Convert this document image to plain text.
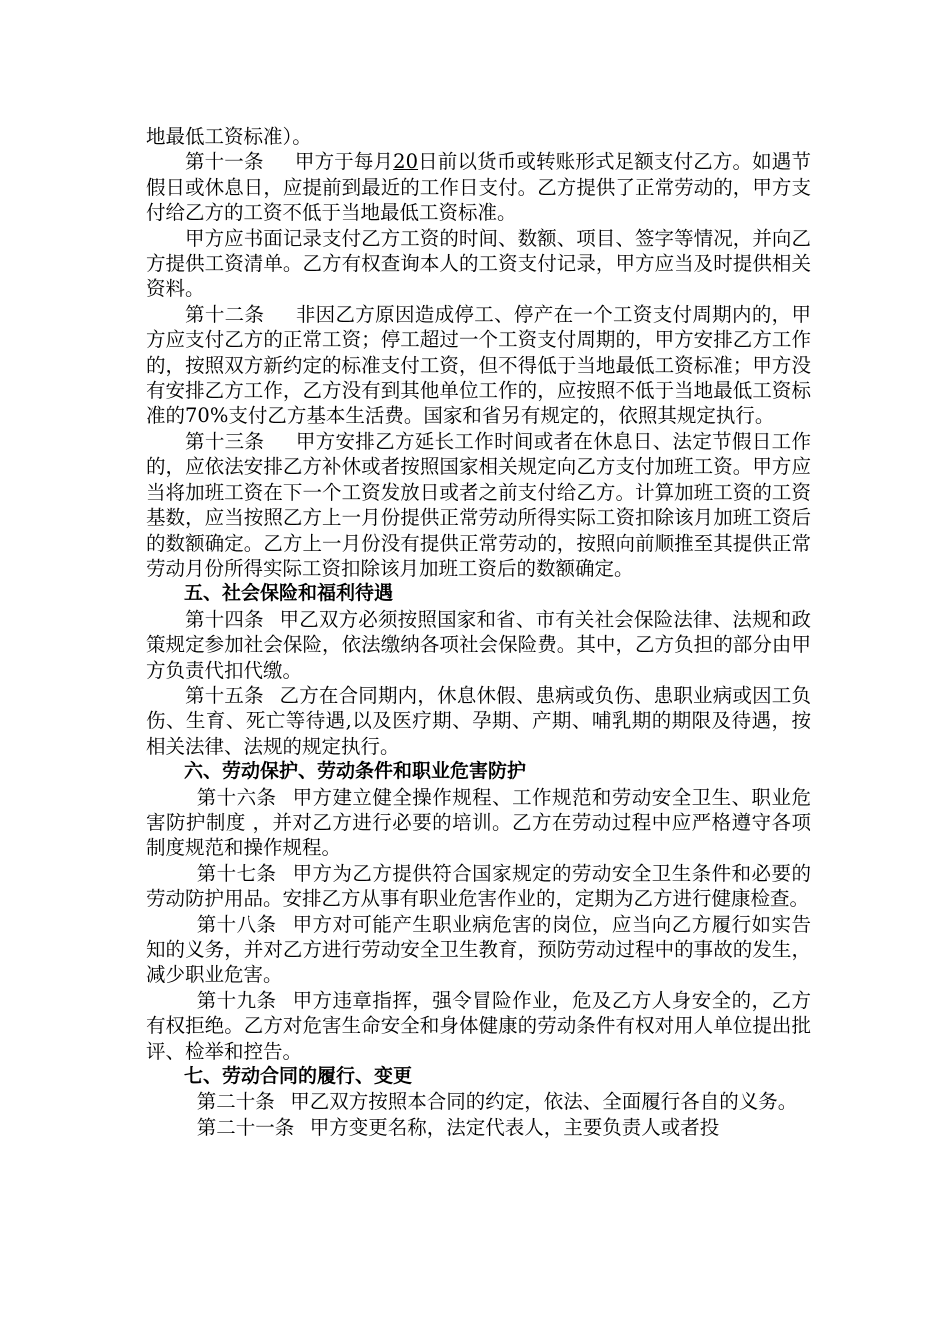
地最低工资标准）。

第十一条 甲方于每月20日前以货币或转账形式足额支付乙方。如遇节假日或休息日，应提前到最近的工作日支付。乙方提供了正常劳动的，甲方支付给乙方的工资不低于当地最低工资标准。

甲方应书面记录支付乙方工资的时间、数额、项目、签字等情况，并向乙方提供工资清单。乙方有权查询本人的工资支付记录，甲方应当及时提供相关资料。

第十二条 非因乙方原因造成停工、停产在一个工资支付周期内的，甲方应支付乙方的正常工资；停工超过一个工资支付周期的，甲方安排乙方工作的，按照双方新约定的标准支付工资，但不得低于当地最低工资标准；甲方没有安排乙方工作，乙方没有到其他单位工作的，应按照不低于当地最低工资标准的70%支付乙方基本生活费。国家和省另有规定的，依照其规定执行。

第十三条 甲方安排乙方延长工作时间或者在休息日、法定节假日工作的，应依法安排乙方补休或者按照国家相关规定向乙方支付加班工资。甲方应当将加班工资在下一个工资发放日或者之前支付给乙方。计算加班工资的工资基数，应当按照乙方上一月份提供正常劳动所得实际工资扣除该月加班工资后的数额确定。乙方上一月份没有提供正常劳动的，按照向前顺推至其提供正常劳动月份所得实际工资扣除该月加班工资后的数额确定。

五、社会保险和福利待遇

第十四条 甲乙双方必须按照国家和省、市有关社会保险法律、法规和政策规定参加社会保险，依法缴纳各项社会保险费。其中，乙方负担的部分由甲方负责代扣代缴。

第十五条 乙方在合同期内，休息休假、患病或负伤、患职业病或因工负伤、生育、死亡等待遇,以及医疗期、孕期、产期、哺乳期的期限及待遇，按相关法律、法规的规定执行。

六、劳动保护、劳动条件和职业危害防护

第十六条 甲方建立健全操作规程、工作规范和劳动安全卫生、职业危害防护制度 ，并对乙方进行必要的培训。乙方在劳动过程中应严格遵守各项制度规范和操作规程。

第十七条 甲方为乙方提供符合国家规定的劳动安全卫生条件和必要的劳动防护用品。安排乙方从事有职业危害作业的，定期为乙方进行健康检查。

第十八条 甲方对可能产生职业病危害的岗位，应当向乙方履行如实告知的义务，并对乙方进行劳动安全卫生教育，预防劳动过程中的事故的发生，减少职业危害。

第十九条 甲方违章指挥，强令冒险作业，危及乙方人身安全的，乙方有权拒绝。乙方对危害生命安全和身体健康的劳动条件有权对用人单位提出批评、检举和控告。

七、劳动合同的履行、变更

第二十条 甲乙双方按照本合同的约定，依法、全面履行各自的义务。

第二十一条 甲方变更名称，法定代表人，主要负责人或者投
